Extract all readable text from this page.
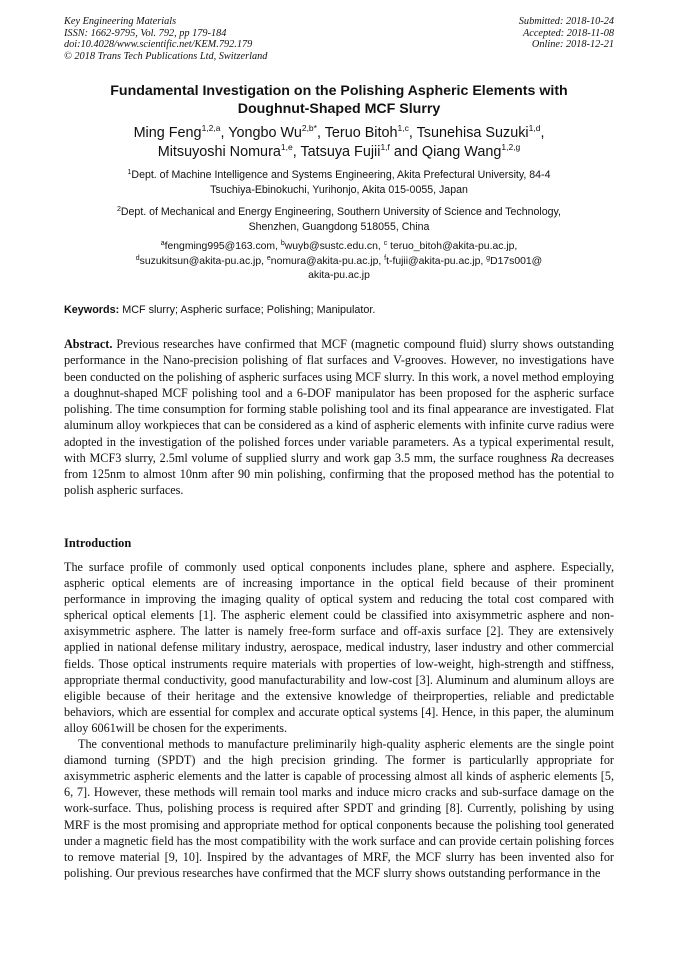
Key Engineering Materials
ISSN: 1662-9795, Vol. 792, pp 179-184
doi:10.4028/www.scientific.net/KEM.792.179
© 2018 Trans Tech Publications Ltd, Switzerland
Submitted: 2018-10-24
Accepted: 2018-11-08
Online: 2018-12-21
Fundamental Investigation on the Polishing Aspheric Elements with
Doughnut-Shaped MCF Slurry
Ming Feng$^{1,2,a}$, Yongbo $Wu^{2,b*}$, Teruo Bitoh$^{1,c}$, Tsunehisa Suzuki$^{1,d}$,
Mitsuyoshi Nomura$^{1,e}$, Tatsuya Fujii$^{1,f}$ and Qiang Wang$^{1,2,g}$
$^1$Dept. of Machine Intelligence and Systems Engineering, Akita Prefectural University, 84-4
Tsuchiya-Ebinokuchi, Yurihonjo, Akita 015-0055, Japan
$^2$Dept. of Mechanical and Energy Engineering, Southern University of Science and Technology,
Shenzhen, Guangdong 518055, China
$^a$fengming995@163.com, $^b$wuyb@sustc.edu.cn, $^c$ teruo_bitoh@akita-pu.ac.jp,
$^d$suzukitsun@akita-pu.ac.jp, $^e$nomura@akita-pu.ac.jp, $^f$t-fujii@akita-pu.ac.jp, $^g$D17s001@
akita-pu.ac.jp
Keywords: MCF slurry; Aspheric surface; Polishing; Manipulator.
Abstract. Previous researches have confirmed that MCF (magnetic compound fluid) slurry shows outstanding performance in the Nano-precision polishing of flat surfaces and V-grooves. However, no investigations have been conducted on the polishing of aspheric surfaces using MCF slurry. In this work, a novel method employing a doughnut-shaped MCF polishing tool and a 6-DOF manipulator has been proposed for the aspheric surface polishing. The time consumption for forming stable polishing tool and its final appearance are investigated. Flat aluminum alloy workpieces that can be considered as a kind of aspheric elements with infinite curve radius were adopted in the investigation of the polished forces under variable parameters. As a typical experimental result, with MCF3 slurry, 2.5ml volume of supplied slurry and work gap 3.5 mm, the surface roughness Ra decreases from 125nm to almost 10nm after 90 min polishing, confirming that the proposed method has the potential to polish aspheric surfaces.
Introduction

The surface profile of commonly used optical conponents includes plane, sphere and asphere. Especially, aspheric optical elements are of increasing importance in the optical field because of their prominent performance in improving the imaging quality of optical system and reducing the total cost compared with spherical optical elements [1]. The aspheric element could be classified into axisymmetric asphere and non-axisymmetric asphere. The latter is namely free-form surface and off-axis surface [2]. They are extensively applied in national defense military industry, aerospace, medical industry, laser industry and other commercial fields. Those optical instruments require materials with properties of low-weight, high-strength and stiffness, appropriate thermal conductivity, good manufacturability and low-cost [3]. Aluminum and aluminum alloys are eligible because of their heritage and the extensive knowledge of theirproperties, reliable and predictable behaviors, which are essential for complex and accurate optical systems [4]. Hence, in this paper, the aluminum alloy 6061will be chosen for the experiments.

The conventional methods to manufacture preliminarily high-quality aspheric elements are the single point diamond turning (SPDT) and the high precision grinding. The former is particularlly appropriate for axisymmetric aspheric elements and the latter is capable of processing almost all kinds of aspheric elements [5, 6, 7]. However, these methods will remain tool marks and induce micro cracks and sub-surface damage on the work-surface. Thus, polishing process is required after SPDT and grinding [8]. Currently, polishing by using MRF is the most promising and appropriate method for optical conponents because the polishing tool generated under a magnetic field has the most compatibility with the work surface and can provide certain polishing forces to remove material [9, 10]. Inspired by the advantages of MRF, the MCF slurry has been invented also for polishing. Our previous researches have confirmed that the MCF slurry shows outstanding performance in the
